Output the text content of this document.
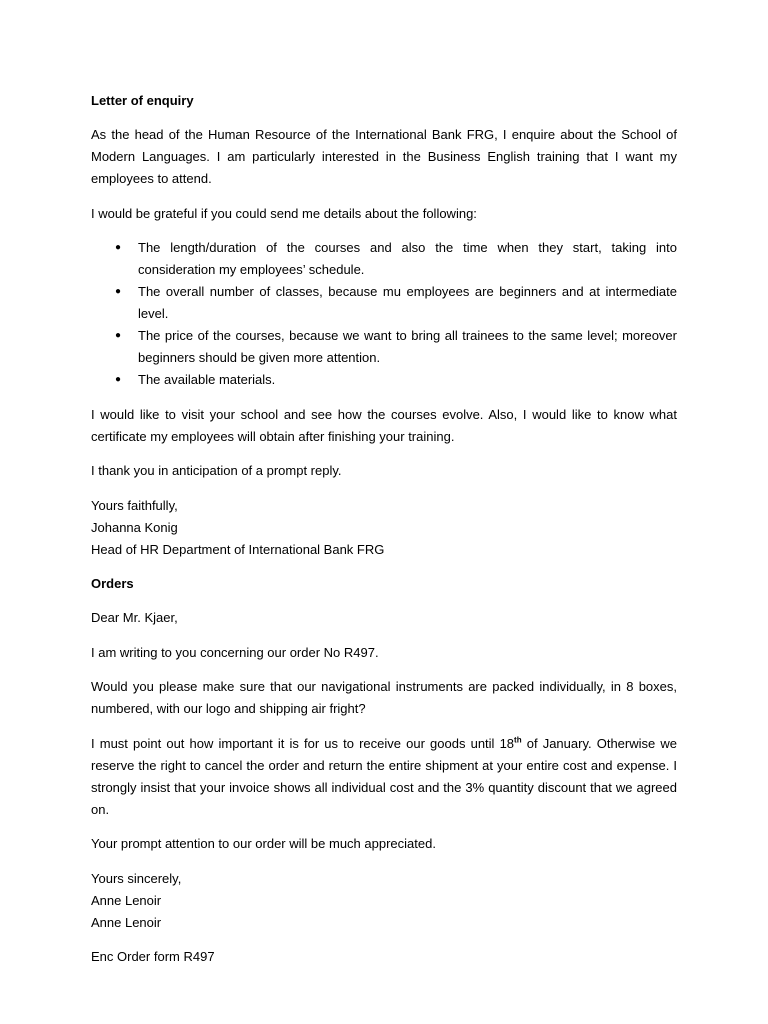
Letter of enquiry

As the head of the Human Resource of the International Bank FRG, I enquire about the School of Modern Languages. I am particularly interested in the Business English training that I want my employees to attend.

I would be grateful if you could send me details about the following:

● The length/duration of the courses and also the time when they start, taking into consideration my employees’ schedule.
● The overall number of classes, because mu employees are beginners and at intermediate level.
● The price of the courses, because we want to bring all trainees to the same level; moreover beginners should be given more attention.
● The available materials.

I would like to visit your school and see how the courses evolve. Also, I would like to know what certificate my employees will obtain after finishing your training.

I thank you in anticipation of a prompt reply.

Yours faithfully,
Johanna Konig
Head of HR Department of International Bank FRG
Orders

Dear Mr. Kjaer,

I am writing to you concerning our order No R497.

Would you please make sure that our navigational instruments are packed individually, in 8 boxes, numbered, with our logo and shipping air fright?

I must point out how important it is for us to receive our goods until 18th of January. Otherwise we reserve the right to cancel the order and return the entire shipment at your entire cost and expense. I strongly insist that your invoice shows all individual cost and the 3% quantity discount that we agreed on.

Your prompt attention to our order will be much appreciated.

Yours sincerely,
Anne Lenoir
Anne Lenoir

Enc Order form R497
